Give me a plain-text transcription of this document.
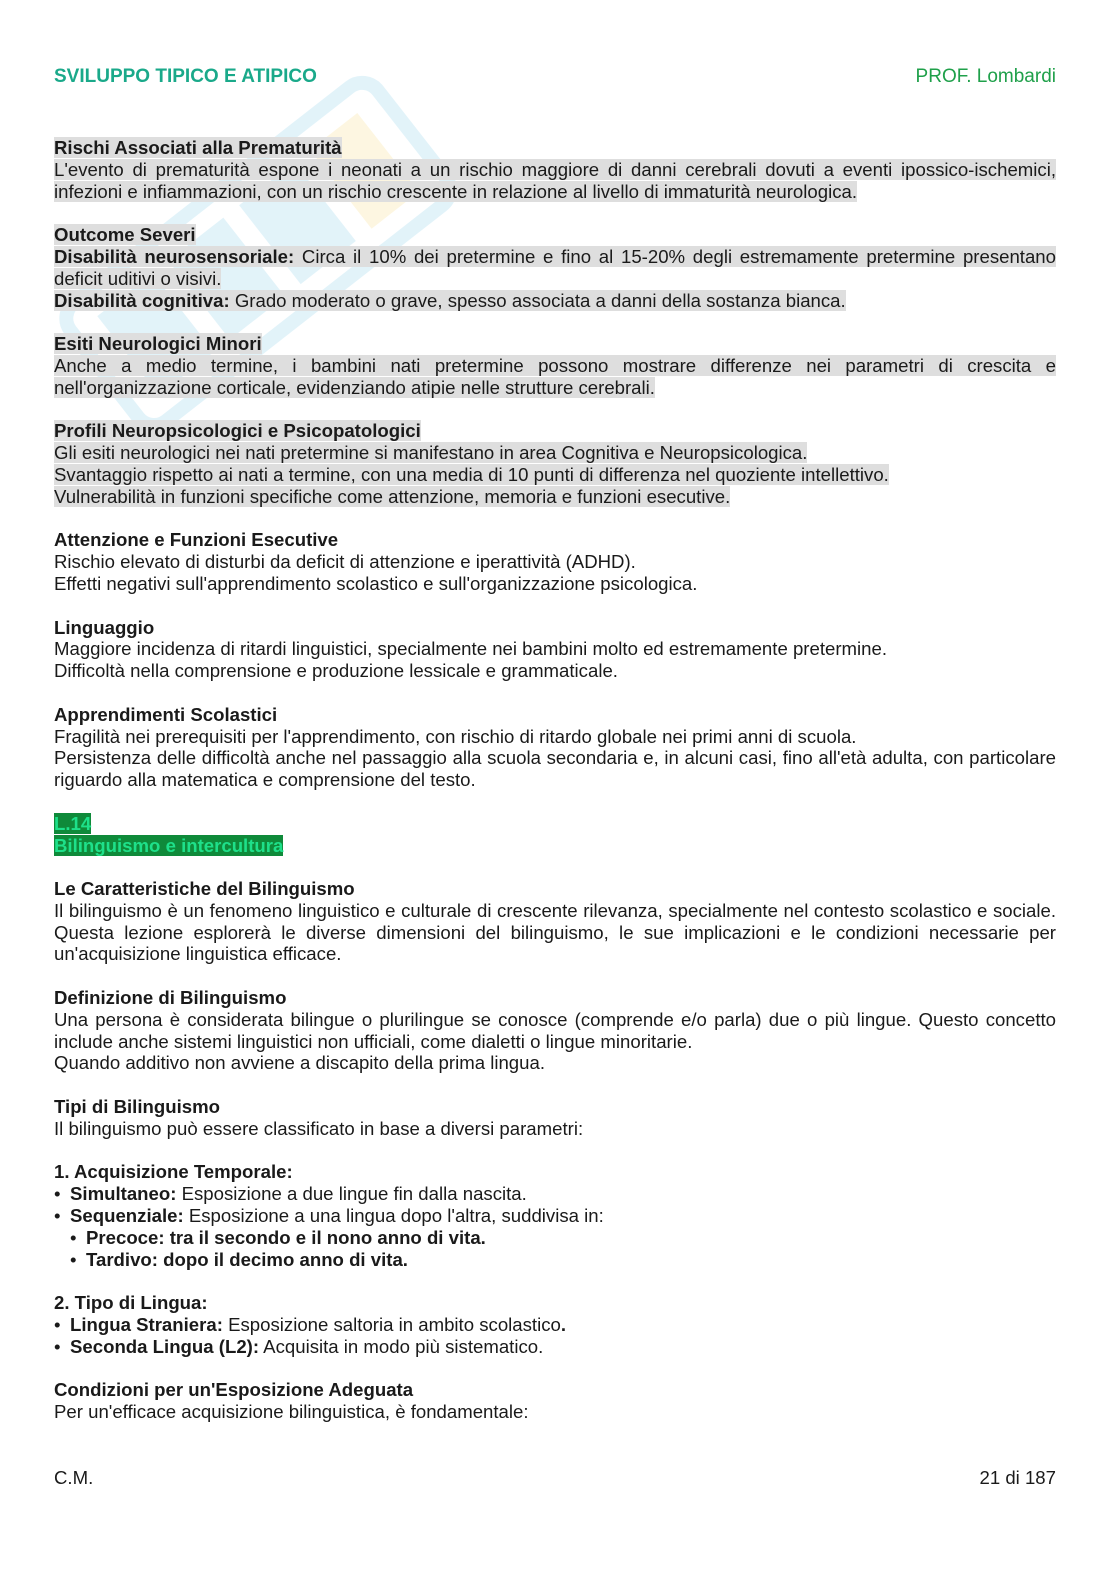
SVILUPPO TIPICO E ATIPICO	PROF. Lombardi
Rischi Associati alla Prematurità
L'evento di prematurità espone i neonati a un rischio maggiore di danni cerebrali dovuti a eventi ipossico-ischemici, infezioni e infiammazioni, con un rischio crescente in relazione al livello di immaturità neurologica.
Outcome Severi
Disabilità neurosensoriale: Circa il 10% dei pretermine e fino al 15-20% degli estremamente pretermine presentano deficit uditivi o visivi.
Disabilità cognitiva: Grado moderato o grave, spesso associata a danni della sostanza bianca.
Esiti Neurologici Minori
Anche a medio termine, i bambini nati pretermine possono mostrare differenze nei parametri di crescita e nell'organizzazione corticale, evidenziando atipie nelle strutture cerebrali.
Profili Neuropsicologici e Psicopatologici
Gli esiti neurologici nei nati pretermine si manifestano in area Cognitiva e Neuropsicologica.
Svantaggio rispetto ai nati a termine, con una media di 10 punti di differenza nel quoziente intellettivo.
Vulnerabilità in funzioni specifiche come attenzione, memoria e funzioni esecutive.
Attenzione e Funzioni Esecutive
Rischio elevato di disturbi da deficit di attenzione e iperattività (ADHD).
Effetti negativi sull'apprendimento scolastico e sull'organizzazione psicologica.
Linguaggio
Maggiore incidenza di ritardi linguistici, specialmente nei bambini molto ed estremamente pretermine.
Difficoltà nella comprensione e produzione lessicale e grammaticale.
Apprendimenti Scolastici
Fragilità nei prerequisiti per l'apprendimento, con rischio di ritardo globale nei primi anni di scuola.
Persistenza delle difficoltà anche nel passaggio alla scuola secondaria e, in alcuni casi, fino all'età adulta, con particolare riguardo alla matematica e comprensione del testo.
L.14
Bilinguismo e intercultura
Le Caratteristiche del Bilinguismo
Il bilinguismo è un fenomeno linguistico e culturale di crescente rilevanza, specialmente nel contesto scolastico e sociale. Questa lezione esplorerà le diverse dimensioni del bilinguismo, le sue implicazioni e le condizioni necessarie per un'acquisizione linguistica efficace.
Definizione di Bilinguismo
Una persona è considerata bilingue o plurilingue se conosce (comprende e/o parla) due o più lingue. Questo concetto include anche sistemi linguistici non ufficiali, come dialetti o lingue minoritarie.
Quando additivo non avviene a discapito della prima lingua.
Tipi di Bilinguismo
Il bilinguismo può essere classificato in base a diversi parametri:
1. Acquisizione Temporale:
• Simultaneo: Esposizione a due lingue fin dalla nascita.
• Sequenziale: Esposizione a una lingua dopo l'altra, suddivisa in:
• Precoce: tra il secondo e il nono anno di vita.
• Tardivo: dopo il decimo anno di vita.
2. Tipo di Lingua:
• Lingua Straniera: Esposizione saltoria in ambito scolastico.
• Seconda Lingua (L2): Acquisita in modo più sistematico.
Condizioni per un'Esposizione Adeguata
Per un'efficace acquisizione bilinguistica, è fondamentale:
C.M.	21 di 187
